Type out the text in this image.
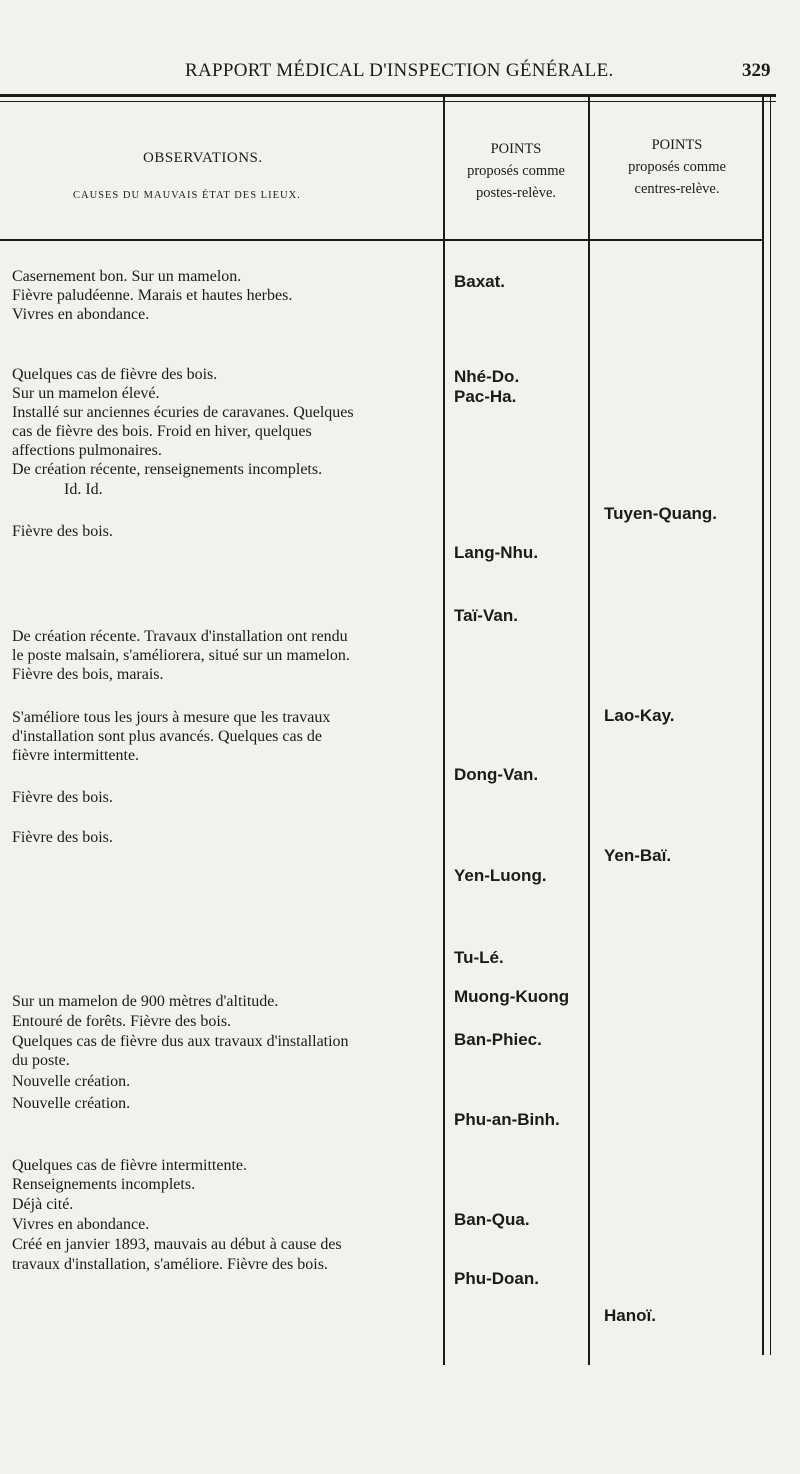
RAPPORT MÉDICAL D'INSPECTION GÉNÉRALE.	329
OBSERVATIONS.
CAUSES DU MAUVAIS ÉTAT DES LIEUX.
POINTS
proposés comme
postes-relève.
POINTS
proposés comme
centres-relève.
Casernement bon. Sur un mamelon.
Fièvre paludéenne. Marais et hautes herbes.
Vivres en abondance.
Quelques cas de fièvre des bois.
Sur un mamelon élevé.
Installé sur anciennes écuries de caravanes. Quelques
cas de fièvre des bois. Froid en hiver, quelques
affections pulmonaires.
De création récente, renseignements incomplets.
Id. Id.
Fièvre des bois.
De création récente. Travaux d'installation ont rendu
le poste malsain, s'améliorera, situé sur un mamelon.
Fièvre des bois, marais.
S'améliore tous les jours à mesure que les travaux
d'installation sont plus avancés. Quelques cas de
fièvre intermittente.
Fièvre des bois.
Fièvre des bois.
Sur un mamelon de 900 mètres d'altitude.
Entouré de forêts. Fièvre des bois.
Quelques cas de fièvre dus aux travaux d'installation
du poste.
Nouvelle création.
Nouvelle création.
Quelques cas de fièvre intermittente.
Renseignements incomplets.
Déjà cité.
Vivres en abondance.
Créé en janvier 1893, mauvais au début à cause des
travaux d'installation, s'améliore. Fièvre des bois.
Baxat.
Nhé-Do.
Pac-Ha.
Lang-Nhu.
Taï-Van.
Dong-Van.
Yen-Luong.
Tu-Lé.
Muong-Kuong
Ban-Phiec.
Phu-an-Binh.
Ban-Qua.
Phu-Doan.
Tuyen-Quang.
Lao-Kay.
Yen-Baï.
Hanoï.
